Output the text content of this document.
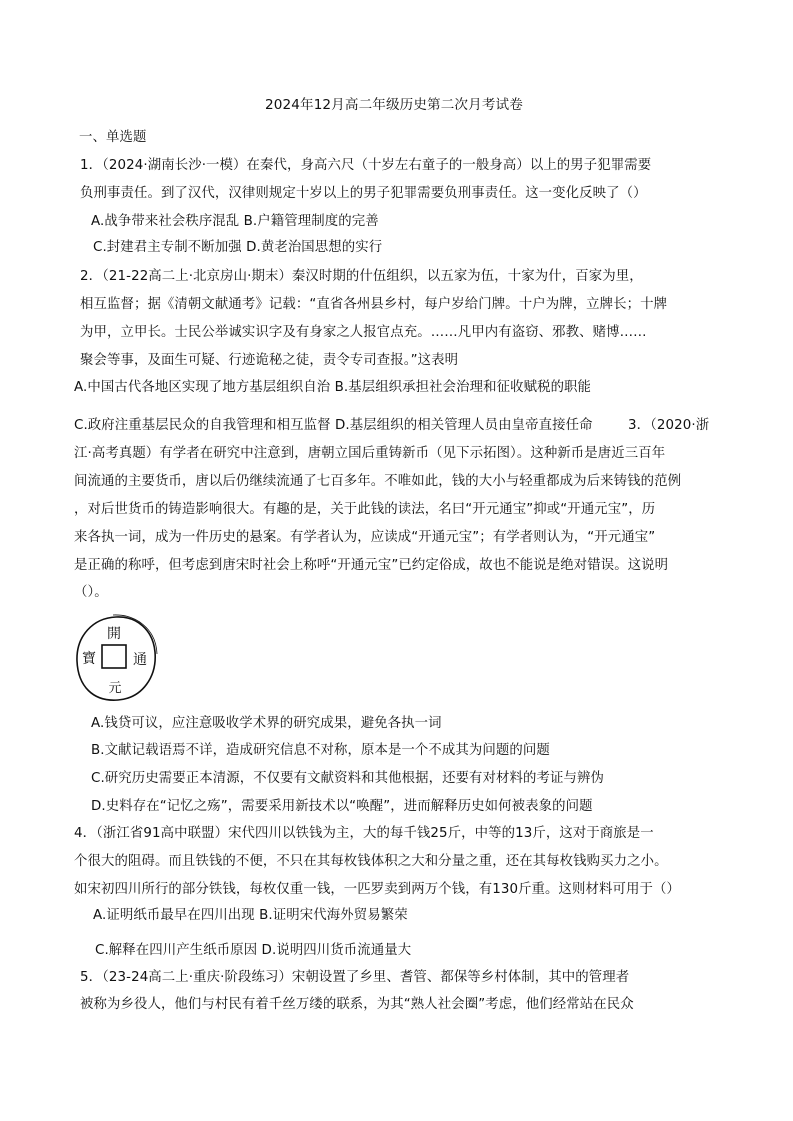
2024年12月高二年级历史第二次月考试卷
一、单选题
1．（2024·湖南长沙·一模）在秦代，身高六尺（十岁左右童子的一般身高）以上的男子犯罪需要
负刑事责任。到了汉代，汉律则规定十岁以上的男子犯罪需要负刑事责任。这一变化反映了（）
A.战争带来社会秩序混乱 B.户籍管理制度的完善
C.封建君主专制不断加强 D.黄老治国思想的实行
2．（21-22高二上·北京房山·期末）秦汉时期的什伍组织，以五家为伍，十家为什，百家为里，
相互监督；据《清朝文献通考》记载：“直省各州县乡村，每户岁给门牌。十户为牌，立牌长；十牌
为甲，立甲长。士民公举诚实识字及有身家之人报官点充。……凡甲内有盗窃、邪教、赌博……
聚会等事，及面生可疑、行迹诡秘之徒，责令专司查报。”这表明
A.中国古代各地区实现了地方基层组织自治 B.基层组织承担社会治理和征收赋税的职能
C.政府注重基层民众的自我管理和相互监督 D.基层组织的相关管理人员由皇帝直接任命	3．（2020·浙
江·高考真题）有学者在研究中注意到，唐朝立国后重铸新币（见下示拓图）。这种新币是唐近三百年
间流通的主要货币，唐以后仍继续流通了七百多年。不唯如此，钱的大小与轻重都成为后来铸钱的范例
，对后世货币的铸造影响很大。有趣的是，关于此钱的读法，名曰“开元通宝”抑或“开通元宝”，历
来各执一词，成为一件历史的悬案。有学者认为，应读成“开通元宝”；有学者则认为，“开元通宝”
是正确的称呼，但考虑到唐宋时社会上称呼“开通元宝”已约定俗成，故也不能说是绝对错误。这说明
（）。
開
寶	通
元
A.钱贷可议，应注意吸收学术界的研究成果，避免各执一词
B.文献记载语焉不详，造成研究信息不对称，原本是一个不成其为问题的问题
C.研究历史需要正本清源，不仅要有文献资料和其他根据，还要有对材料的考证与辨伪
D.史料存在“记忆之殇”，需要采用新技术以“唤醒”，进而解释历史如何被表象的问题
4．（浙江省91高中联盟）宋代四川以铁钱为主，大的每千钱25斤，中等的13斤，这对于商旅是一
个很大的阻碍。而且铁钱的不便，不只在其每枚钱体积之大和分量之重，还在其每枚钱购买力之小。
如宋初四川所行的部分铁钱，每枚仅重一钱，一匹罗卖到两万个钱，有130斤重。这则材料可用于（）
A.证明纸币最早在四川出现 B.证明宋代海外贸易繁荣
C.解释在四川产生纸币原因 D.说明四川货币流通量大
5．（23-24高二上·重庆·阶段练习）宋朝设置了乡里、耆管、都保等乡村体制，其中的管理者
被称为乡役人，他们与村民有着千丝万缕的联系，为其“熟人社会圈”考虑，他们经常站在民众
